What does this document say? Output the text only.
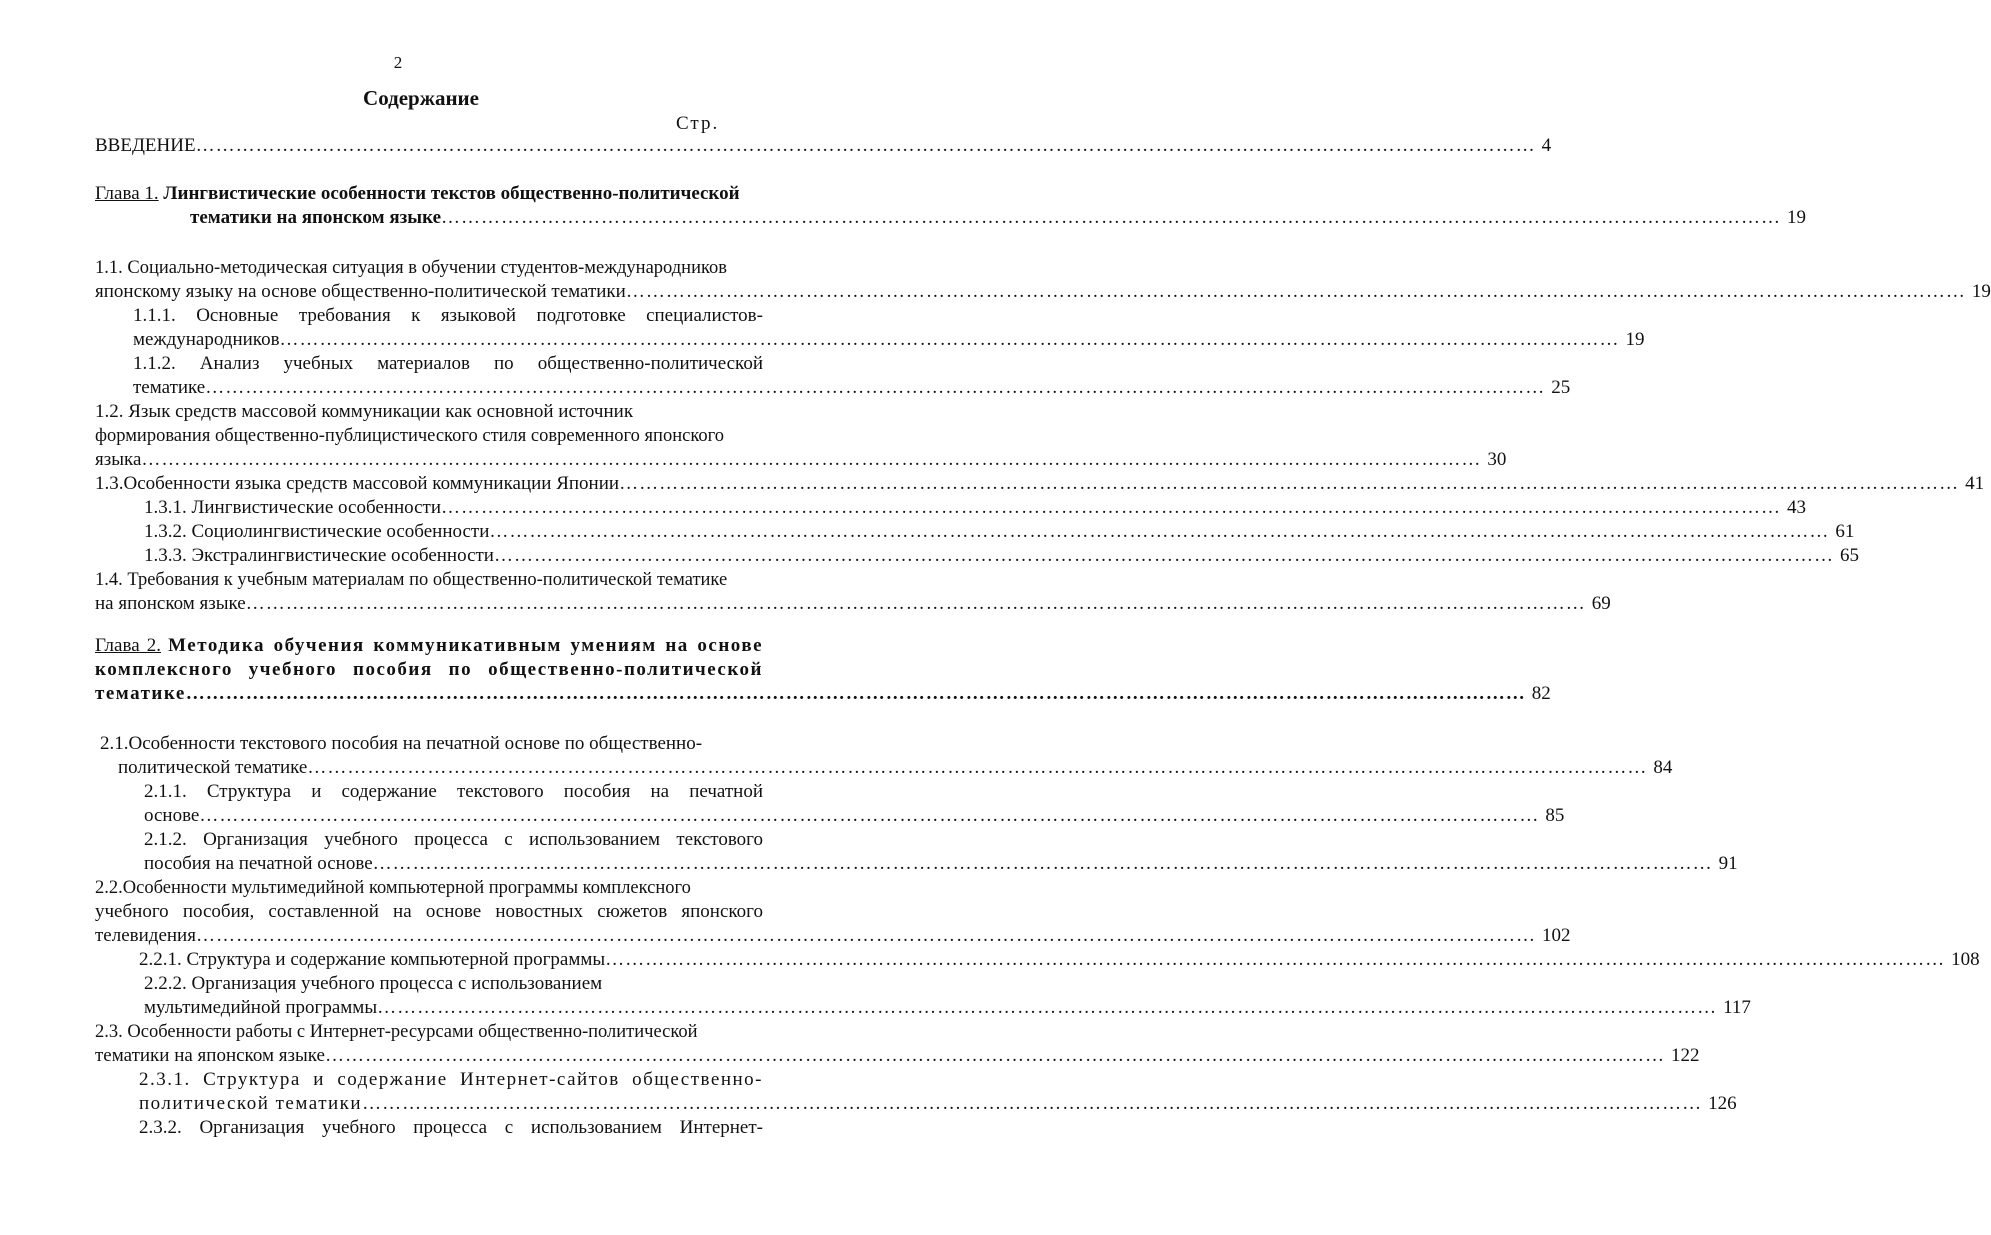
2
Содержание
Стр.
ВВЕДЕНИЕ ………………………………………………………………………………………………………………………………………………………………………………… 4
Глава 1. Лингвистические особенности текстов общественно-политической
тематики на японском языке ………………………………………………………………………………………………………………………………………………………………………………… 19
1.1. Социально-методическая ситуация в обучении студентов-международников
японскому языку на основе общественно-политической тематики ………………………………………………………………………………………………………………………………………………………………………………… 19
1.1.1. Основные требования к языковой подготовке специалистов-
международников ………………………………………………………………………………………………………………………………………………………………………………… 19
1.1.2. Анализ учебных материалов по общественно-политической
тематике ………………………………………………………………………………………………………………………………………………………………………………… 25
1.2. Язык средств массовой коммуникации как основной источник
формирования общественно-публицистического стиля современного японского
языка ………………………………………………………………………………………………………………………………………………………………………………… 30
1.3.Особенности языка средств массовой коммуникации Японии ………………………………………………………………………………………………………………………………………………………………………………… 41
1.3.1. Лингвистические особенности ………………………………………………………………………………………………………………………………………………………………………………… 43
1.3.2. Социолингвистические особенности ………………………………………………………………………………………………………………………………………………………………………………… 61
1.3.3. Экстралингвистические особенности ………………………………………………………………………………………………………………………………………………………………………………… 65
1.4. Требования к учебным материалам по общественно-политической тематике
на японском языке ………………………………………………………………………………………………………………………………………………………………………………… 69
Глава 2. Методика обучения коммуникативным умениям на основе
комплексного учебного пособия по общественно-политической
тематике ………………………………………………………………………………………………………………………………………………………………………………… 82
2.1.Особенности текстового пособия на печатной основе по общественно-
политической тематике ………………………………………………………………………………………………………………………………………………………………………………… 84
2.1.1. Структура и содержание текстового пособия на печатной
основе ………………………………………………………………………………………………………………………………………………………………………………… 85
2.1.2. Организация учебного процесса с использованием текстового
пособия на печатной основе ………………………………………………………………………………………………………………………………………………………………………………… 91
2.2.Особенности мультимедийной компьютерной программы комплексного
учебного пособия, составленной на основе новостных сюжетов японского
телевидения ………………………………………………………………………………………………………………………………………………………………………………… 102
2.2.1. Структура и содержание компьютерной программы ………………………………………………………………………………………………………………………………………………………………………………… 108
2.2.2. Организация учебного процесса с использованием
мультимедийной программы ………………………………………………………………………………………………………………………………………………………………………………… 117
2.3. Особенности работы с Интернет-ресурсами общественно-политической
тематики на японском языке ………………………………………………………………………………………………………………………………………………………………………………… 122
2.3.1. Структура и содержание Интернет-сайтов общественно-
политической тематики ………………………………………………………………………………………………………………………………………………………………………………… 126
2.3.2. Организация учебного процесса с использованием Интернет-
